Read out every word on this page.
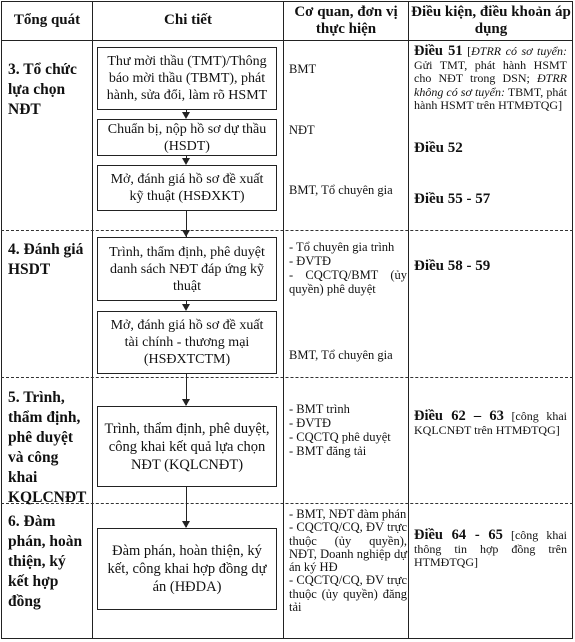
Tổng quát	Chi tiết	Cơ quan, đơn vị thực hiện
Điều kiện, điều khoản áp dụng
3. Tổ chức lựa chọn NĐT
Thư mời thầu (TMT)/Thông báo mời thầu (TBMT), phát hành, sửa đổi, làm rõ HSMT
Chuẩn bị, nộp hồ sơ dự thầu (HSDT)
Mở, đánh giá hồ sơ đề xuất kỹ thuật (HSĐXKT)
BMT
NĐT
BMT, Tổ chuyên gia
Điều 51 [ĐTRR có sơ tuyển: Gửi TMT, phát hành HSMT cho NĐT trong DSN; ĐTRR không có sơ tuyển: TBMT, phát hành HSMT trên HTMĐTQG]
Điều 52
Điều 55 - 57
4. Đánh giá HSDT
Trình, thẩm định, phê duyệt danh sách NĐT đáp ứng kỹ thuật
Mở, đánh giá hồ sơ đề xuất tài chính - thương mại (HSĐXTCTM)
- Tổ chuyên gia trình
- ĐVTĐ
- CQCTQ/BMT (ủy quyền) phê duyệt
BMT, Tổ chuyên gia
Điều 58 - 59
5. Trình, thẩm định, phê duyệt và công khai KQLCNĐT
Trình, thẩm định, phê duyệt, công khai kết quả lựa chọn NĐT (KQLCNĐT)
- BMT trình
- ĐVTĐ
- CQCTQ phê duyệt
- BMT đăng tải
Điều 62 – 63 [công khai KQLCNĐT trên HTMĐTQG]
6. Đàm phán, hoàn thiện, ký kết hợp đồng
Đàm phán, hoàn thiện, ký kết, công khai hợp đồng dự án (HĐDA)
- BMT, NĐT đàm phán
- CQCTQ/CQ, ĐV trực thuộc (ủy quyền), NĐT, Doanh nghiệp dự án ký HĐ
- CQCTQ/CQ, ĐV trực thuộc (ủy quyền) đăng tải
Điều 64 - 65 [công khai thông tin hợp đồng trên HTMĐTQG]
